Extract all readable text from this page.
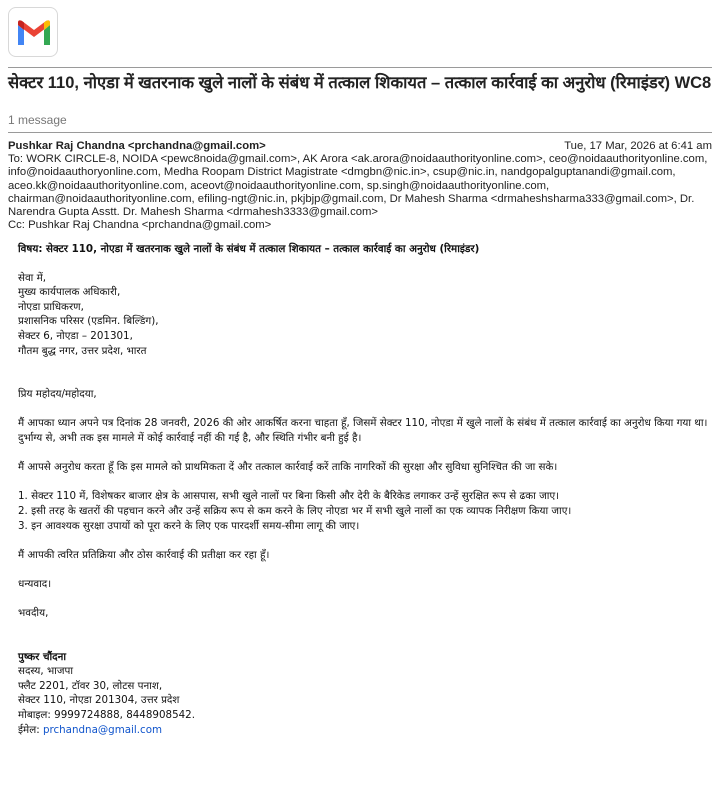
सेक्टर 110, नोएडा में खतरनाक खुले नालों के संबंध में तत्काल शिकायत – तत्काल कार्रवाई का अनुरोध (रिमाइंडर) WC8
1 message
Pushkar Raj Chandna <prchandna@gmail.com>	Tue, 17 Mar, 2026 at 6:41 am
To: WORK CIRCLE-8, NOIDA <pewc8noida@gmail.com>, AK Arora <ak.arora@noidaauthorityonline.com>, ceo@noidaauthorityonline.com, info@noidaauthoryonline.com, Medha Roopam District Magistrate <dmgbn@nic.in>, csup@nic.in, nandgopalguptanandi@gmail.com, aceo.kk@noidaauthorityonline.com, aceovt@noidaauthorityonline.com, sp.singh@noidaauthorityonline.com, chairman@noidaauthorityonline.com, efiling-ngt@nic.in, pkjbjp@gmail.com, Dr Mahesh Sharma <drmaheshsharma333@gmail.com>, Dr. Narendra Gupta Asstt. Dr. Mahesh Sharma <drmahesh3333@gmail.com>
Cc: Pushkar Raj Chandna <prchandna@gmail.com>

विषय: सेक्टर 110, नोएडा में खतरनाक खुले नालों के संबंध में तत्काल शिकायत – तत्काल कार्रवाई का अनुरोध (रिमाइंडर)

सेवा में,

मुख्य कार्यपालक अधिकारी,

नोएडा प्राधिकरण,

प्रशासनिक परिसर (एडमिन. बिल्डिंग),

सेक्टर 6, नोएडा – 201301,

गौतम बुद्ध नगर, उत्तर प्रदेश, भारत

प्रिय महोदय/महोदया,

मैं आपका ध्यान अपने पत्र दिनांक 28 जनवरी, 2026 की ओर आकर्षित करना चाहता हूँ, जिसमें सेक्टर 110, नोएडा में खुले नालों के संबंध में तत्काल कार्रवाई का अनुरोध किया गया था। दुर्भाग्य से, अभी तक इस मामले में कोई कार्रवाई नहीं की गई है, और स्थिति गंभीर बनी हुई है।

मैं आपसे अनुरोध करता हूँ कि इस मामले को प्राथमिकता दें और तत्काल कार्रवाई करें ताकि नागरिकों की सुरक्षा और सुविधा सुनिश्चित की जा सके।

1. सेक्टर 110 में, विशेषकर बाजार क्षेत्र के आसपास, सभी खुले नालों पर बिना किसी और देरी के बैरिकेड लगाकर उन्हें सुरक्षित रूप से ढका जाए।

2. इसी तरह के खतरों की पहचान करने और उन्हें सक्रिय रूप से कम करने के लिए नोएडा भर में सभी खुले नालों का एक व्यापक निरीक्षण किया जाए।

3. इन आवश्यक सुरक्षा उपायों को पूरा करने के लिए एक पारदर्शी समय-सीमा लागू की जाए।

मैं आपकी त्वरित प्रतिक्रिया और ठोस कार्रवाई की प्रतीक्षा कर रहा हूँ।

धन्यवाद।

भवदीय,

पुष्कर चौंदना

सदस्य, भाजपा

फ्लैट 2201, टॉवर 30, लोटस पनाश,

सेक्टर 110, नोएडा 201304, उत्तर प्रदेश

मोबाइल: 9999724888, 8448908542.

ईमेल: prchandna@gmail.com
